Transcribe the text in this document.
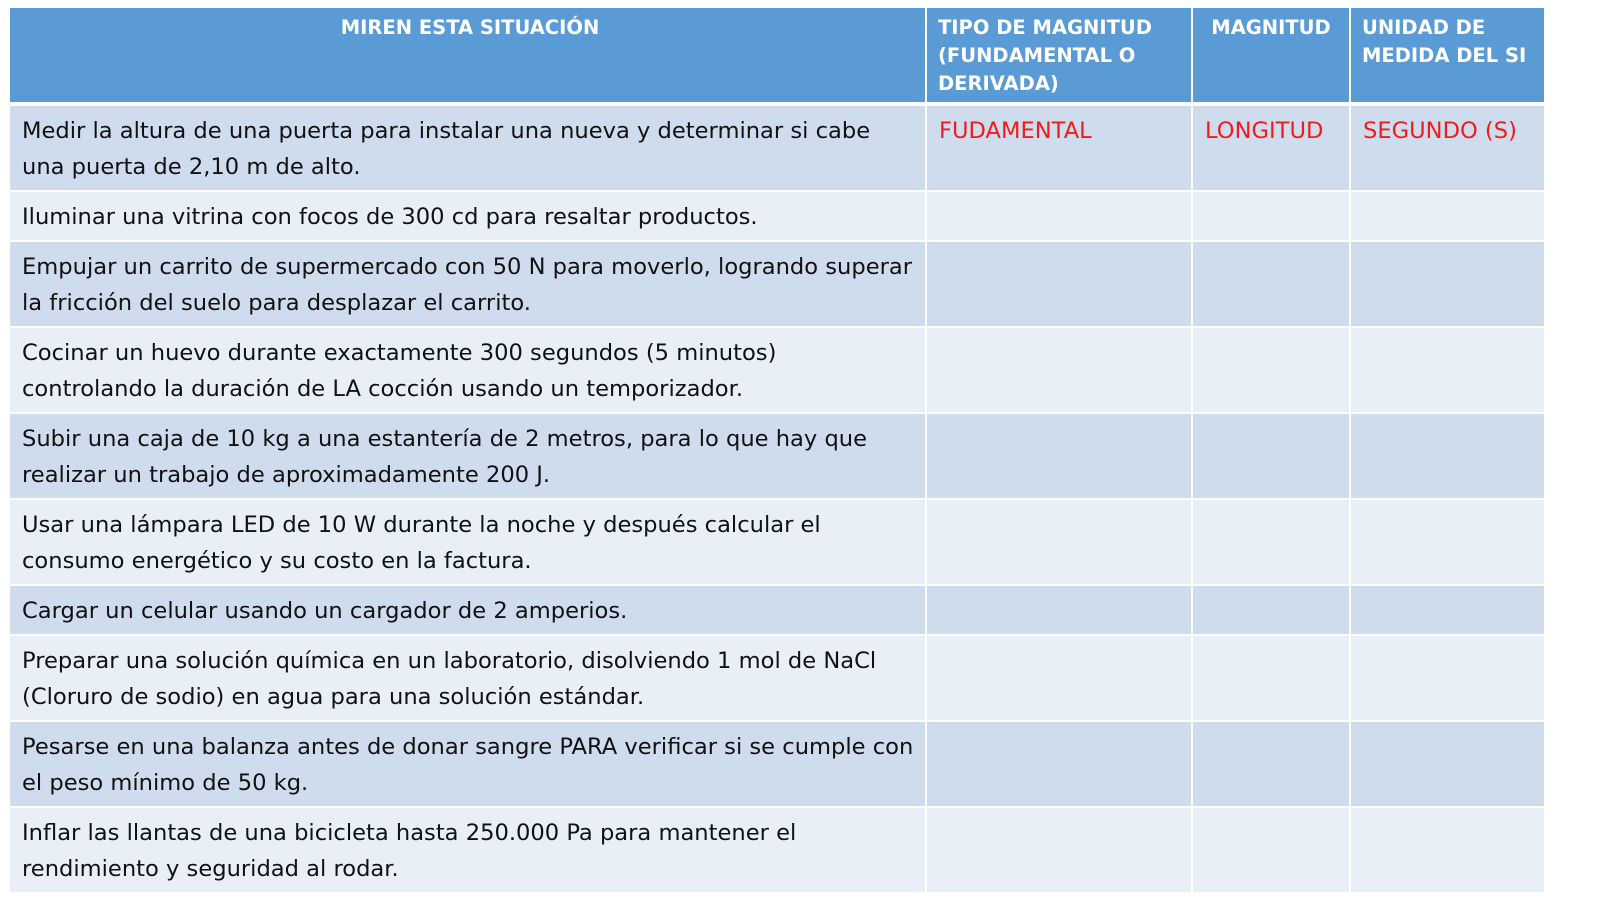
MIREN ESTA SITUACIÓN	TIPO DE MAGNITUD (FUNDAMENTAL O DERIVADA)	MAGNITUD	UNIDAD DE MEDIDA DEL SI
Medir la altura de una puerta para instalar una nueva y determinar si cabe una puerta de 2,10 m de alto.	FUDAMENTAL	LONGITUD	SEGUNDO (S)
Iluminar una vitrina con focos de 300 cd para resaltar productos.			
Empujar un carrito de supermercado con 50 N para moverlo, logrando superar la fricción del suelo para desplazar el carrito.			
Cocinar un huevo durante exactamente 300 segundos (5 minutos) controlando la duración de LA cocción usando un temporizador.			
Subir una caja de 10 kg a una estantería de 2 metros, para lo que hay que realizar un trabajo de aproximadamente 200 J.			
Usar una lámpara LED de 10 W durante la noche y después calcular el consumo energético y su costo en la factura.			
Cargar un celular usando un cargador de 2 amperios.			
Preparar una solución química en un laboratorio, disolviendo 1 mol de NaCl (Cloruro de sodio) en agua para una solución estándar.			
Pesarse en una balanza antes de donar sangre PARA verificar si se cumple con el peso mínimo de 50 kg.			
Inflar las llantas de una bicicleta hasta 250.000 Pa para mantener el rendimiento y seguridad al rodar.			
